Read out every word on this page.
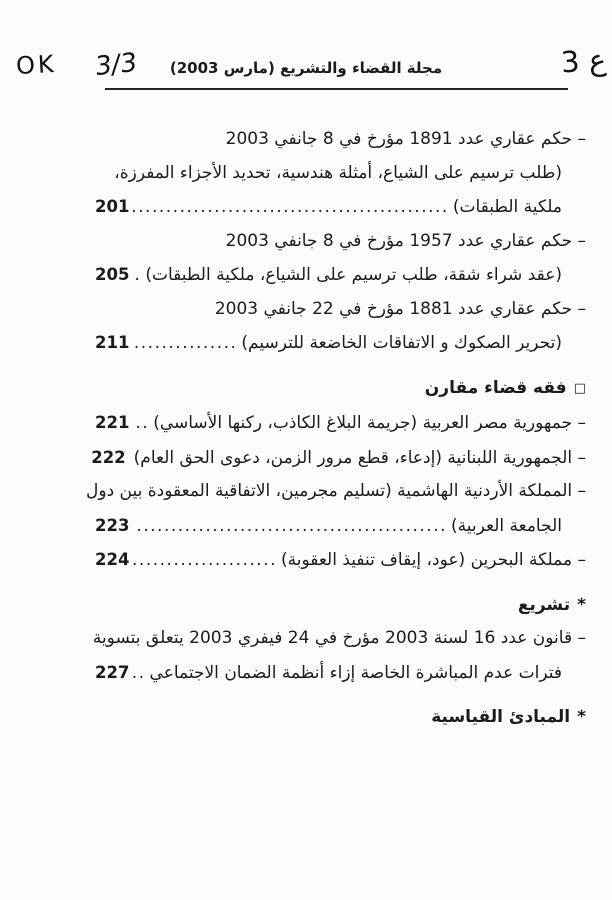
OK 3/3	مجلة القضاء والتشريع (مارس 2003)	ع 3
– حكم عقاري عدد 1891 مؤرخ في 8 جانفي 2003
(طلب ترسيم على الشياع، أمثلة هندسية، تحديد الأجزاء المفرزة،
ملكية الطبقات)
.....
201
– حكم عقاري عدد 1957 مؤرخ في 8 جانفي 2003
(عقد شراء شقة، طلب ترسيم على الشياع، ملكية الطبقات)
.....
205
– حكم عقاري عدد 1881 مؤرخ في 22 جانفي 2003
(تحرير الصكوك و الاتفاقات الخاضعة للترسيم)
.....
211
□
فقه قضاء مقارن
– جمهورية مصر العربية (جريمة البلاغ الكاذب، ركنها الأساسي)
.....
221
– الجمهورية اللبنانية (إدعاء، قطع مرور الزمن، دعوى الحق العام)
222
– المملكة الأردنية الهاشمية (تسليم مجرمين، الاتفاقية المعقودة بين دول
الجامعة العربية)
.....
223
– مملكة البحرين (عود، إيقاف تنفيذ العقوبة)
.....
224
*
تشريع
– قانون عدد 16 لسنة 2003 مؤرخ في 24 فيفري 2003 يتعلق بتسوية
فترات عدم المباشرة الخاصة إزاء أنظمة الضمان الاجتماعي
.....
227
*
المبادئ القياسية
